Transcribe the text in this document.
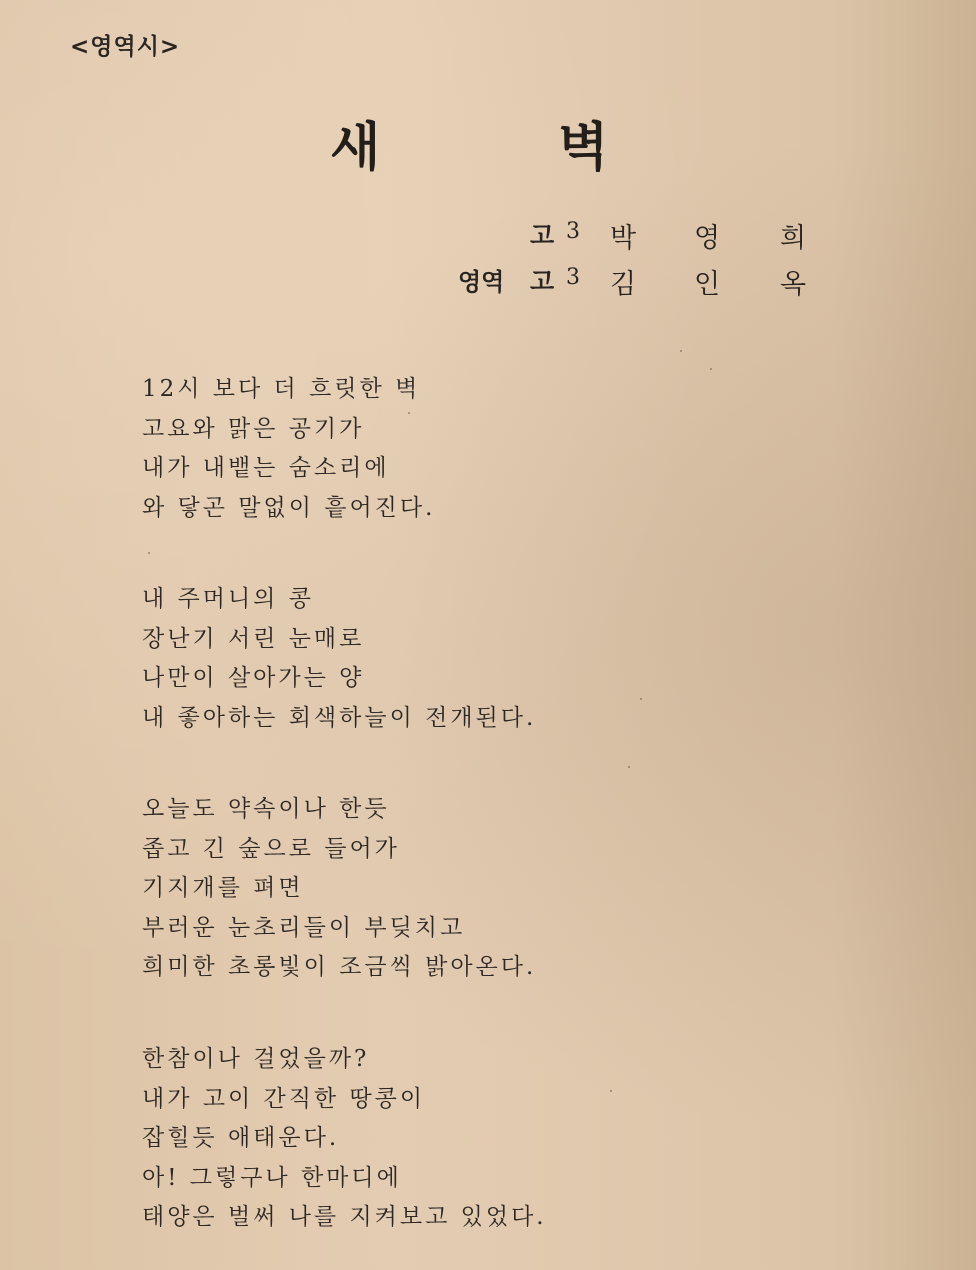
<영역시>
새	벽
고 3 박 영 희
영역 고 3 김 인 옥
12시 보다 더 흐릿한 벽
고요와 맑은 공기가
내가 내뱉는 숨소리에
와 닿곤 말없이 흩어진다.
내 주머니의 콩
장난기 서린 눈매로
나만이 살아가는 양
내 좋아하는 회색하늘이 전개된다.
오늘도 약속이나 한듯
좁고 긴 숲으로 들어가
기지개를 펴면
부러운 눈초리들이 부딪치고
희미한 초롱빛이 조금씩 밝아온다.
한참이나 걸었을까?
내가 고이 간직한 땅콩이
잡힐듯 애태운다.
아! 그렇구나 한마디에
태양은 벌써 나를 지켜보고 있었다.
